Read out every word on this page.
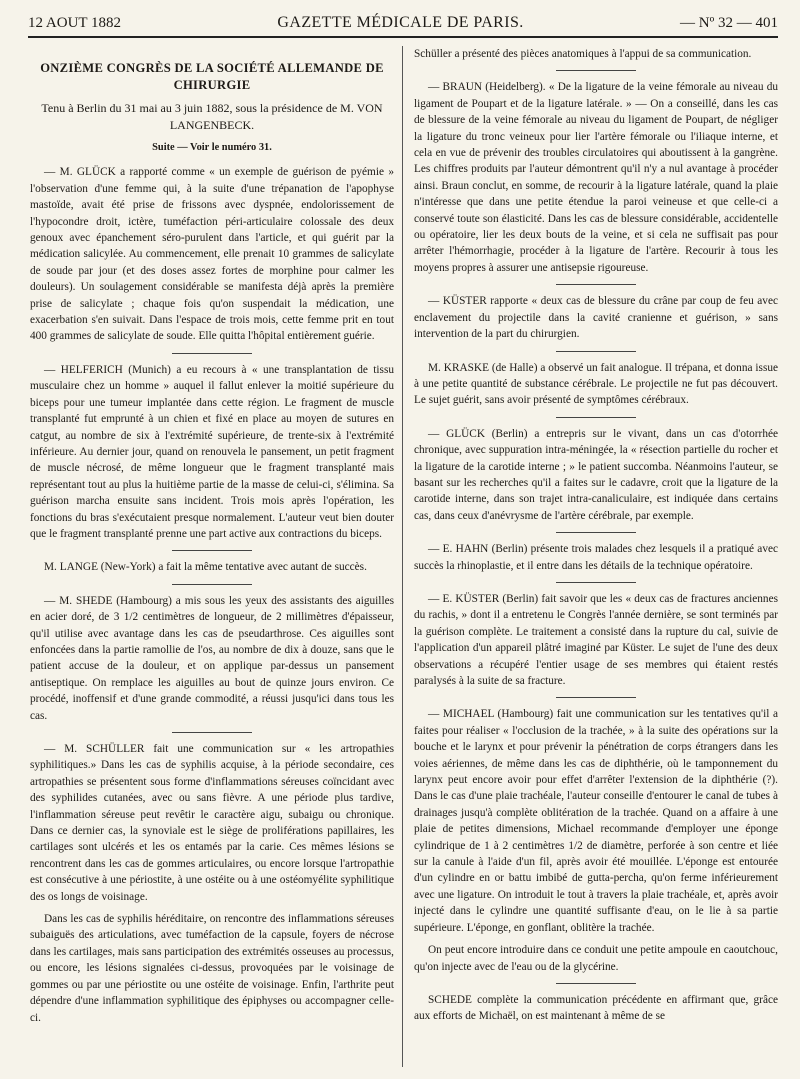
12 AOUT 1882	GAZETTE MÉDICALE DE PARIS.	— Nº 32 — 401
ONZIÈME CONGRÈS DE LA SOCIÉTÉ ALLEMANDE DE CHIRURGIE
Tenu à Berlin du 31 mai au 3 juin 1882, sous la présidence de M. VON LANGENBECK.
Suite — Voir le numéro 31.

— M. GLÜCK a rapporté comme « un exemple de guérison de pyémie » l'observation d'une femme qui, à la suite d'une trépanation de l'apophyse mastoïde, avait été prise de frissons avec dyspnée, endolorissement de l'hypocondre droit, ictère, tuméfaction péri-articulaire colossale des deux genoux avec épanchement séro-purulent dans l'article, et qui guérit par la médication salicylée. Au commencement, elle prenait 10 grammes de salicylate de soude par jour (et des doses assez fortes de morphine pour calmer les douleurs). Un soulagement considérable se manifesta déjà après la première prise de salicylate ; chaque fois qu'on suspendait la médication, une exacerbation s'en suivait. Dans l'espace de trois mois, cette femme prit en tout 400 grammes de salicylate de soude. Elle quitta l'hôpital entièrement guérie.

— HELFERICH (Munich) a eu recours à « une transplantation de tissu musculaire chez un homme » auquel il fallut enlever la moitié supérieure du biceps pour une tumeur implantée dans cette région. Le fragment de muscle transplanté fut emprunté à un chien et fixé en place au moyen de sutures en catgut, au nombre de six à l'extrémité supérieure, de trente-six à l'extrémité inférieure. Au dernier jour, quand on renouvela le pansement, un petit fragment de muscle nécrosé, de même longueur que le fragment transplanté mais représentant tout au plus la huitième partie de la masse de celui-ci, s'élimina. Sa guérison marcha ensuite sans incident. Trois mois après l'opération, les fonctions du bras s'exécutaient presque normalement. L'auteur veut bien douter que le fragment transplanté prenne une part active aux contractions du biceps.

M. LANGE (New-York) a fait la même tentative avec autant de succès.

— M. SHEDE (Hambourg) a mis sous les yeux des assistants des aiguilles en acier doré, de 3 1/2 centimètres de longueur, de 2 millimètres d'épaisseur, qu'il utilise avec avantage dans les cas de pseudarthrose. Ces aiguilles sont enfoncées dans la partie ramollie de l'os, au nombre de dix à douze, sans que le patient accuse de la douleur, et on applique par-dessus un pansement antiseptique. On remplace les aiguilles au bout de quinze jours environ. Ce procédé, inoffensif et d'une grande commodité, a réussi jusqu'ici dans tous les cas.

— M. SCHÜLLER fait une communication sur « les artropathies syphilitiques.» Dans les cas de syphilis acquise, à la période secondaire, ces artropathies se présentent sous forme d'inflammations séreuses coïncidant avec des syphilides cutanées, avec ou sans fièvre. A une période plus tardive, l'inflammation séreuse peut revêtir le caractère aigu, subaigu ou chronique. Dans ce dernier cas, la synoviale est le siège de proliférations papillaires, les cartilages sont ulcérés et les os entamés par la carie. Ces mêmes lésions se rencontrent dans les cas de gommes articulaires, ou encore lorsque l'artropathie est consécutive à une périostite, à une ostéite ou à une ostéomyélite syphilitique des os longs de voisinage.

Dans les cas de syphilis héréditaire, on rencontre des inflammations séreuses subaiguës des articulations, avec tuméfaction de la capsule, foyers de nécrose dans les cartilages, mais sans participation des extrémités osseuses au processus, ou encore, les lésions signalées ci-dessus, provoquées par le voisinage de gommes ou par une périostite ou une ostéite de voisinage. Enfin, l'arthrite peut dépendre d'une inflammation syphilitique des épiphyses ou accompagner celle-ci.

Schüller a présenté des pièces anatomiques à l'appui de sa communication.

— BRAUN (Heidelberg). « De la ligature de la veine fémorale au niveau du ligament de Poupart et de la ligature latérale. » — On a conseillé, dans les cas de blessure de la veine fémorale au niveau du ligament de Poupart, de négliger la ligature du tronc veineux pour lier l'artère fémorale ou l'iliaque interne, et cela en vue de prévenir des troubles circulatoires qui aboutissent à la gangrène. Les chiffres produits par l'auteur démontrent qu'il n'y a nul avantage à procéder ainsi. Braun conclut, en somme, de recourir à la ligature latérale, quand la plaie n'intéresse que dans une petite étendue la paroi veineuse et que celle-ci a conservé toute son élasticité. Dans les cas de blessure considérable, accidentelle ou opératoire, lier les deux bouts de la veine, et si cela ne suffisait pas pour arrêter l'hémorrhagie, procéder à la ligature de l'artère. Recourir à tous les moyens propres à assurer une antisepsie rigoureuse.

— KÜSTER rapporte « deux cas de blessure du crâne par coup de feu avec enclavement du projectile dans la cavité cranienne et guérison, » sans intervention de la part du chirurgien.

M. KRASKE (de Halle) a observé un fait analogue. Il trépana, et donna issue à une petite quantité de substance cérébrale. Le projectile ne fut pas découvert. Le sujet guérit, sans avoir présenté de symptômes cérébraux.

— GLÜCK (Berlin) a entrepris sur le vivant, dans un cas d'otorrhée chronique, avec suppuration intra-méningée, la « résection partielle du rocher et la ligature de la carotide interne ; » le patient succomba. Néanmoins l'auteur, se basant sur les recherches qu'il a faites sur le cadavre, croit que la ligature de la carotide interne, dans son trajet intra-canaliculaire, est indiquée dans certains cas, dans ceux d'anévrysme de l'artère cérébrale, par exemple.

— E. HAHN (Berlin) présente trois malades chez lesquels il a pratiqué avec succès la rhinoplastie, et il entre dans les détails de la technique opératoire.

— E. KÜSTER (Berlin) fait savoir que les « deux cas de fractures anciennes du rachis, » dont il a entretenu le Congrès l'année dernière, se sont terminés par la guérison complète. Le traitement a consisté dans la rupture du cal, suivie de l'application d'un appareil plâtré imaginé par Küster. Le sujet de l'une des deux observations a récupéré l'entier usage de ses membres qui étaient restés paralysés à la suite de sa fracture.

— MICHAEL (Hambourg) fait une communication sur les tentatives qu'il a faites pour réaliser « l'occlusion de la trachée, » à la suite des opérations sur la bouche et le larynx et pour prévenir la pénétration de corps étrangers dans les voies aériennes, de même dans les cas de diphthérie, où le tamponnement du larynx peut encore avoir pour effet d'arrêter l'extension de la diphthérie (?). Dans le cas d'une plaie trachéale, l'auteur conseille d'entourer le canal de tubes à drainages jusqu'à complète oblitération de la trachée. Quand on a affaire à une plaie de petites dimensions, Michael recommande d'employer une éponge cylindrique de 1 à 2 centimètres 1/2 de diamètre, perforée à son centre et liée sur la canule à l'aide d'un fil, après avoir été mouillée. L'éponge est entourée d'un cylindre en or battu imbibé de gutta-percha, qu'on ferme inférieurement avec une ligature. On introduit le tout à travers la plaie trachéale, et, après avoir injecté dans le cylindre une quantité suffisante d'eau, on le lie à sa partie supérieure. L'éponge, en gonflant, oblitère la trachée.

On peut encore introduire dans ce conduit une petite ampoule en caoutchouc, qu'on injecte avec de l'eau ou de la glycérine.

SCHEDE complète la communication précédente en affirmant que, grâce aux efforts de Michaël, on est maintenant à même de se
